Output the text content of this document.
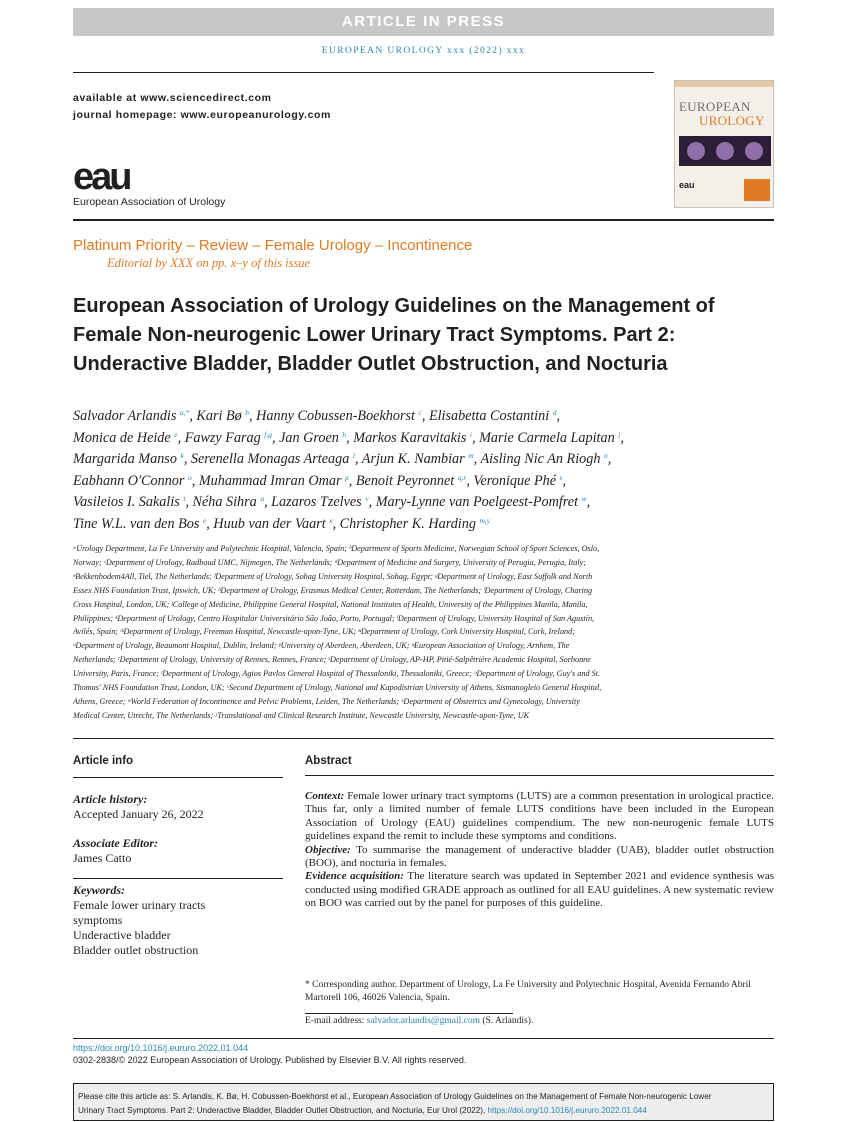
ARTICLE IN PRESS
EUROPEAN UROLOGY xxx (2022) xxx
available at www.sciencedirect.com
journal homepage: www.europeanurology.com
eau
European Association of Urology
EUROPEAN
UROLOGY
eau
Platinum Priority – Review – Female Urology – Incontinence
Editorial by XXX on pp. x–y of this issue

European Association of Urology Guidelines on the Management of

Female Non-neurogenic Lower Urinary Tract Symptoms. Part 2:

Underactive Bladder, Bladder Outlet Obstruction, and Nocturia

Salvador Arlandis $^{a,*}$, Kari Bø $^b$, Hanny Cobussen-Boekhorst $^c$, Elisabetta Costantini $^d$,

Monica de Heide $^e$, Fawzy Farag $^{f,g}$, Jan Groen $^h$, Markos Karavitakis $^i$, Marie Carmela Lapitan $^j$,

Margarida Manso $^k$, Serenella Monagas Arteaga $^l$, Arjun K. Nambiar $^m$, Aisling Nic An Riogh $^n$,

Eabhann O'Connor $^o$, Muhammad Imran Omar $^p$, Benoit Peyronnet $^{q,r}$, Veronique Phé $^s$,

Vasileios I. Sakalis $^t$, Néha Sihra $^u$, Lazaros Tzelves $^v$, Mary-Lynne van Poelgeest-Pomfret $^w$,

Tine W.L. van den Bos $^e$, Huub van der Vaart $^x$, Christopher K. Harding $^{m,y}$

ᵃUrology Department, La Fe University and Polytechnic Hospital, Valencia, Spain; ᵇDepartment of Sports Medicine, Norwegian School of Sport Sciences, Oslo,

Norway; ᶜDepartment of Urology, Radboud UMC, Nijmegen, The Netherlands; ᵈDepartment of Medicine and Surgery, University of Perugia, Perugia, Italy;

ᵉBekkenbodem4All, Tiel, The Netherlands; ᶠDepartment of Urology, Sohag University Hospital, Sohag, Egypt; ᵍDepartment of Urology, East Suffolk and North

Essex NHS Foundation Trust, Ipswich, UK; ʰDepartment of Urology, Erasmus Medical Center, Rotterdam, The Netherlands; ⁱDepartment of Urology, Charing

Cross Hospital, London, UK; ʲCollege of Medicine, Philippine General Hospital, National Institutes of Health, University of the Philippines Manila, Manila,

Philippines; ᵏDepartment of Urology, Centro Hospitalar Universitário São João, Porto, Portugal; ˡDepartment of Urology, University Hospital of San Agustín,

Avilés, Spain; ᵐDepartment of Urology, Freeman Hospital, Newcastle-upon-Tyne, UK; ⁿDepartment of Urology, Cork University Hospital, Cork, Ireland;

ᵒDepartment of Urology, Beaumont Hospital, Dublin, Ireland; ᵖUniversity of Aberdeen, Aberdeen, UK; ᵠEuropean Association of Urology, Arnhem, The

Netherlands; ʳDepartment of Urology, University of Rennes, Rennes, France; ˢDepartment of Urology, AP-HP, Pitié-Salpêtrière Academic Hospital, Sorbonne

University, Paris, France; ᵗDepartment of Urology, Agios Pavlos General Hospital of Thessaloniki, Thessaloniki, Greece; ᵘDepartment of Urology, Guy's and St.

Thomas' NHS Foundation Trust, London, UK; ᵛSecond Department of Urology, National and Kapodistrian University of Athens, Sismanogleio General Hospital,

Athens, Greece; ʷWorld Federation of Incontinence and Pelvic Problems, Leiden, The Netherlands; ˣDepartment of Obstetrics and Gynecology, University

Medical Center, Utrecht, The Netherlands; ʸTranslational and Clinical Research Institute, Newcastle University, Newcastle-upon-Tyne, UK

Article info
Article history:
Accepted January 26, 2022
Associate Editor:
James Catto
Keywords:
Female lower urinary tracts
symptoms
Underactive bladder
Bladder outlet obstruction
Abstract
Context: Female lower urinary tract symptoms (LUTS) are a common presentation in urological practice. Thus far, only a limited number of female LUTS conditions have been included in the European Association of Urology (EAU) guidelines compendium. The new non-neurogenic female LUTS guidelines expand the remit to include these symptoms and conditions.
Objective: To summarise the management of underactive bladder (UAB), bladder outlet obstruction (BOO), and nocturia in females.
Evidence acquisition: The literature search was updated in September 2021 and evidence synthesis was conducted using modified GRADE approach as outlined for all EAU guidelines. A new systematic review on BOO was carried out by the panel for purposes of this guideline.
* Corresponding author. Department of Urology, La Fe University and Polytechnic Hospital, Avenida Fernando Abril Martorell 106, 46026 Valencia, Spain.
E-mail address: salvador.arlandis@gmail.com (S. Arlandis).
https://doi.org/10.1016/j.eururo.2022.01.044
0302-2838/© 2022 European Association of Urology. Published by Elsevier B.V. All rights reserved.

Please cite this article as: S. Arlandis, K. Bø, H. Cobussen-Boekhorst et al., European Association of Urology Guidelines on the Management of Female Non-neurogenic Lower

Urinary Tract Symptoms. Part 2: Underactive Bladder, Bladder Outlet Obstruction, and Nocturia, Eur Urol (2022), https://doi.org/10.1016/j.eururo.2022.01.044
